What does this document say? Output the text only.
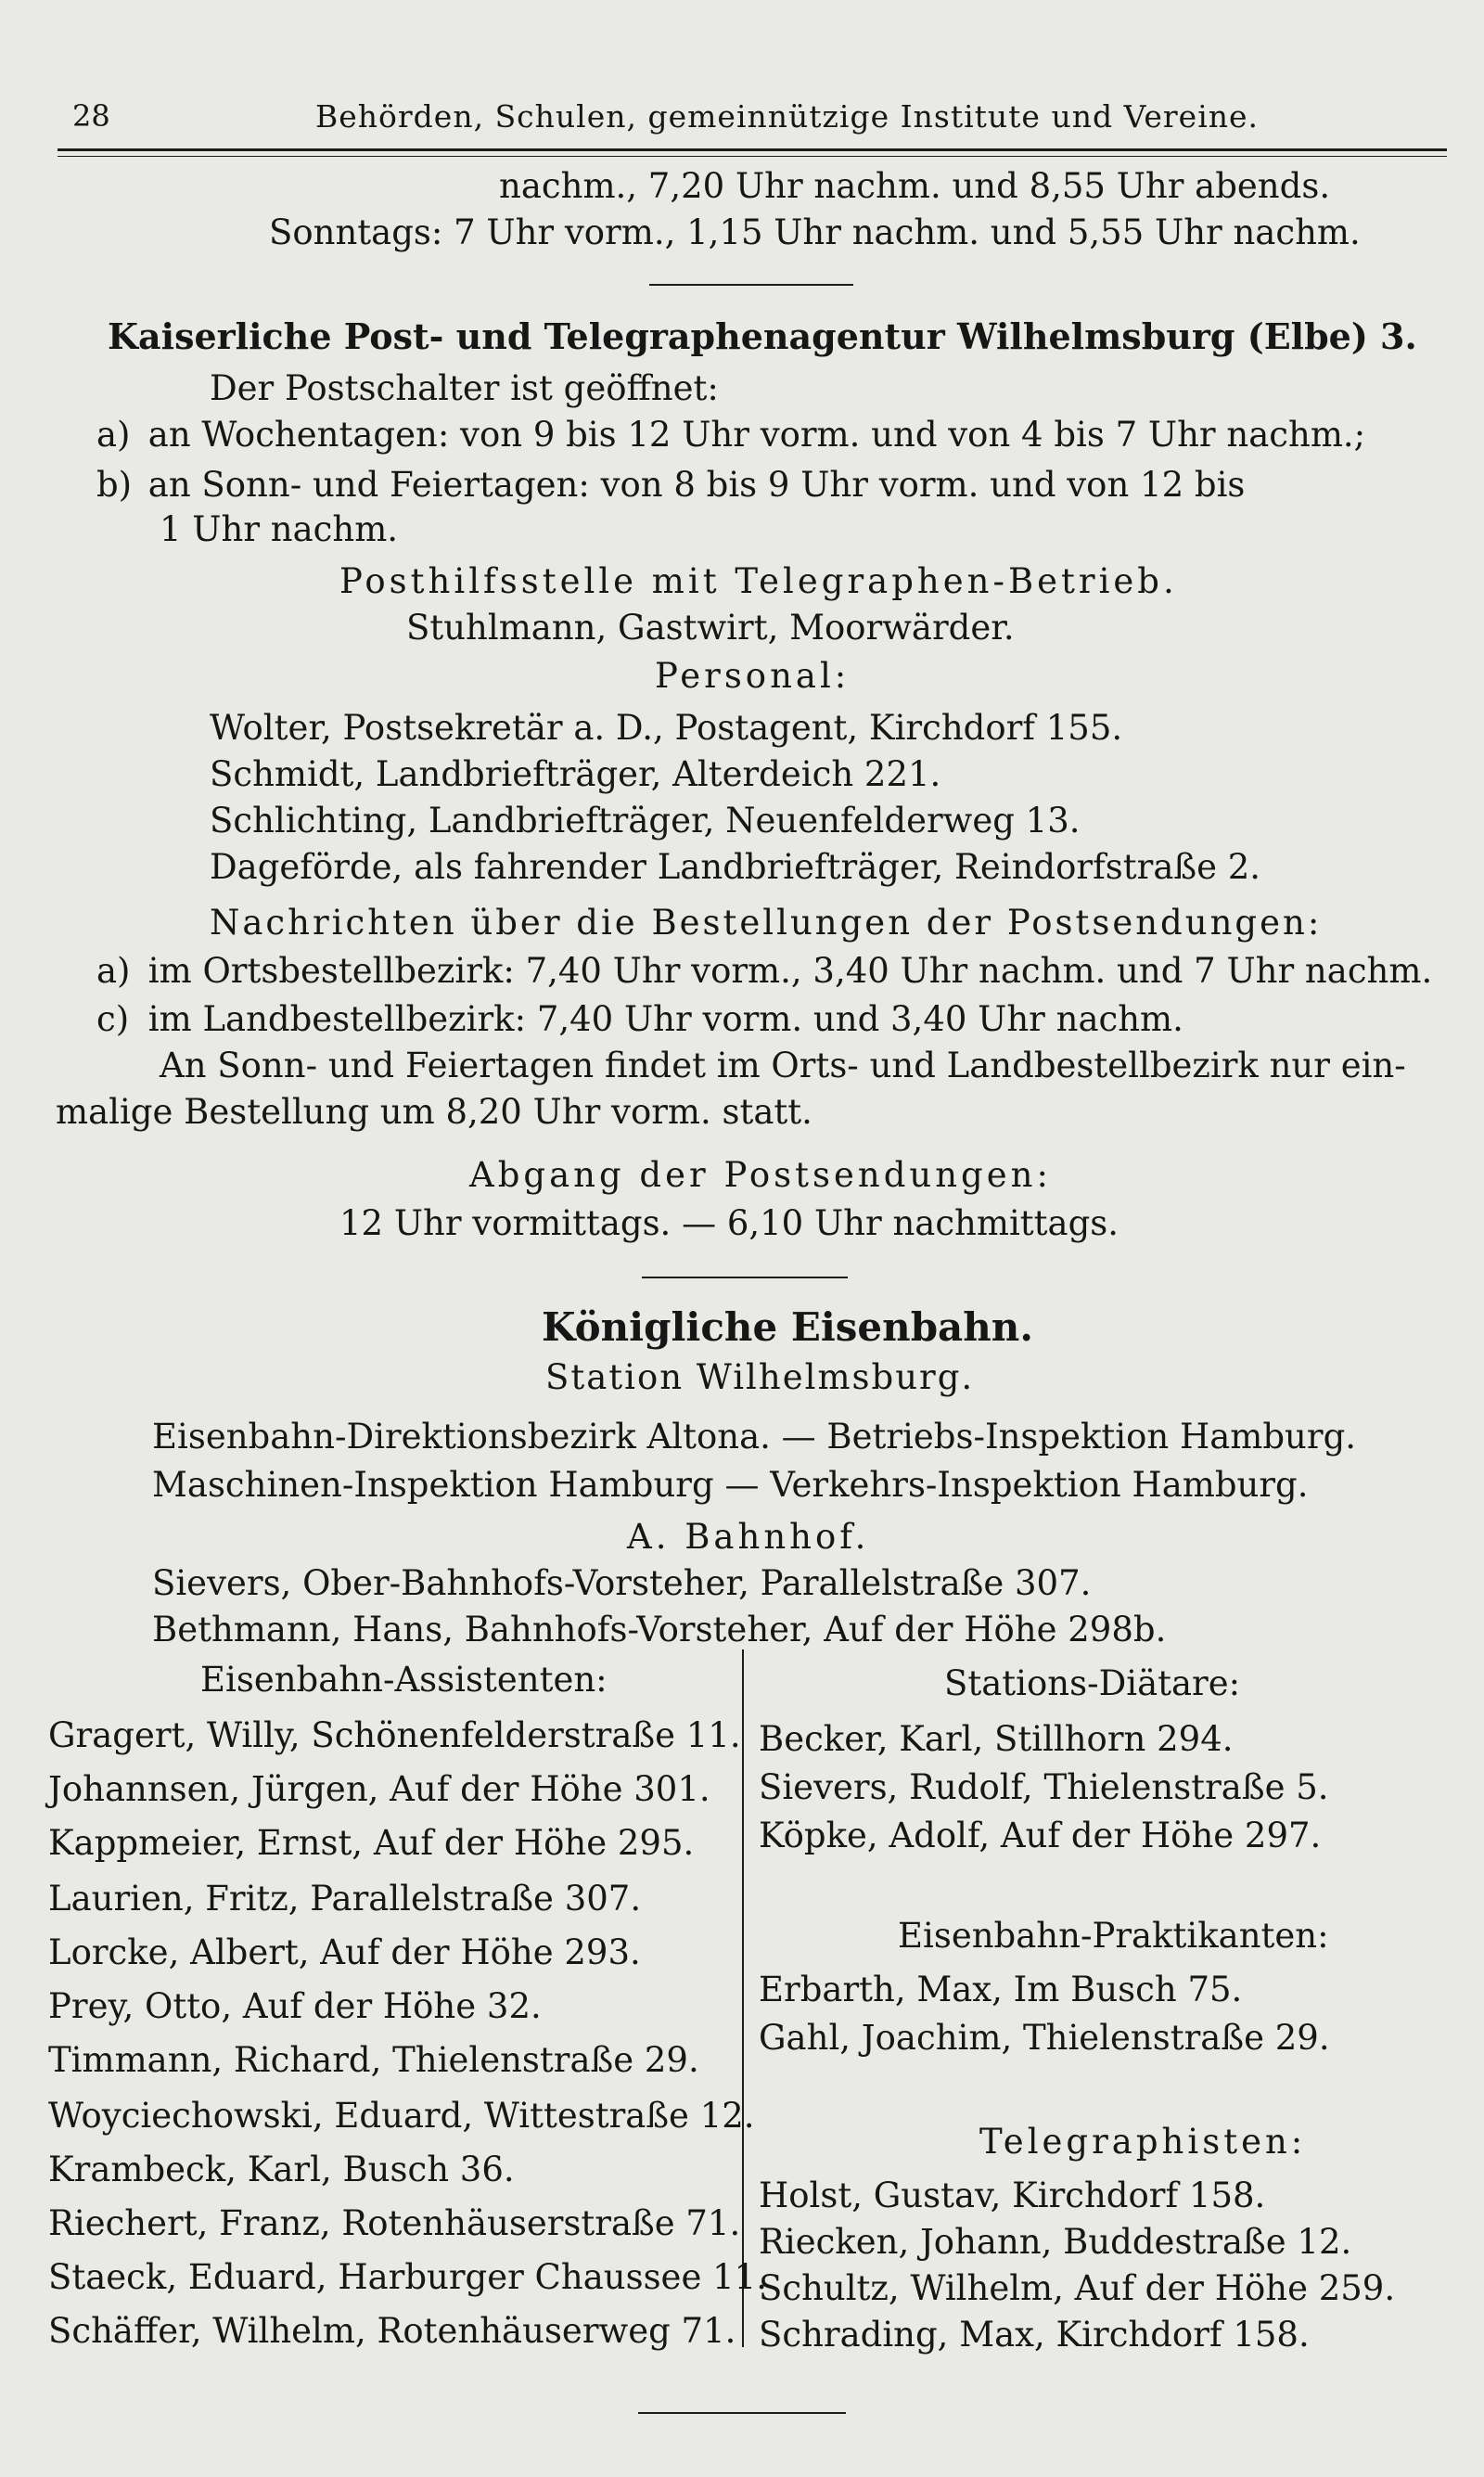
28	Behörden, Schulen, gemeinnützige Institute und Vereine.
nachm., 7,20 Uhr nachm. und 8,55 Uhr abends.
Sonntags: 7 Uhr vorm., 1,15 Uhr nachm. und 5,55 Uhr nachm.
Kaiserliche Post- und Telegraphenagentur Wilhelmsburg (Elbe) 3.
Der Postschalter ist geöffnet:
a) an Wochentagen: von 9 bis 12 Uhr vorm. und von 4 bis 7 Uhr nachm.;
b) an Sonn- und Feiertagen: von 8 bis 9 Uhr vorm. und von 12 bis
1 Uhr nachm.
Posthilfsstelle mit Telegraphen-Betrieb.
Stuhlmann, Gastwirt, Moorwärder.
Personal:
Wolter, Postsekretär a. D., Postagent, Kirchdorf 155.
Schmidt, Landbriefträger, Alterdeich 221.
Schlichting, Landbriefträger, Neuenfelderweg 13.
Dageförde, als fahrender Landbriefträger, Reindorfstraße 2.
Nachrichten über die Bestellungen der Postsendungen:
a) im Ortsbestellbezirk: 7,40 Uhr vorm., 3,40 Uhr nachm. und 7 Uhr nachm.
c) im Landbestellbezirk: 7,40 Uhr vorm. und 3,40 Uhr nachm.
An Sonn- und Feiertagen findet im Orts- und Landbestellbezirk nur ein-
malige Bestellung um 8,20 Uhr vorm. statt.
Abgang der Postsendungen:
12 Uhr vormittags. — 6,10 Uhr nachmittags.
Königliche Eisenbahn.
Station Wilhelmsburg.
Eisenbahn-Direktionsbezirk Altona. — Betriebs-Inspektion Hamburg.
Maschinen-Inspektion Hamburg — Verkehrs-Inspektion Hamburg.
A. Bahnhof.
Sievers, Ober-Bahnhofs-Vorsteher, Parallelstraße 307.
Bethmann, Hans, Bahnhofs-Vorsteher, Auf der Höhe 298b.
Eisenbahn-Assistenten:
Gragert, Willy, Schönenfelderstraße 11.
Johannsen, Jürgen, Auf der Höhe 301.
Kappmeier, Ernst, Auf der Höhe 295.
Laurien, Fritz, Parallelstraße 307.
Lorcke, Albert, Auf der Höhe 293.
Prey, Otto, Auf der Höhe 32.
Timmann, Richard, Thielenstraße 29.
Woyciechowski, Eduard, Wittestraße 12.
Krambeck, Karl, Busch 36.
Riechert, Franz, Rotenhäuserstraße 71.
Staeck, Eduard, Harburger Chaussee 11.
Schäffer, Wilhelm, Rotenhäuserweg 71.
Stations-Diätare:
Becker, Karl, Stillhorn 294.
Sievers, Rudolf, Thielenstraße 5.
Köpke, Adolf, Auf der Höhe 297.
Eisenbahn-Praktikanten:
Erbarth, Max, Im Busch 75.
Gahl, Joachim, Thielenstraße 29.
Telegraphisten:
Holst, Gustav, Kirchdorf 158.
Riecken, Johann, Buddestraße 12.
Schultz, Wilhelm, Auf der Höhe 259.
Schrading, Max, Kirchdorf 158.
